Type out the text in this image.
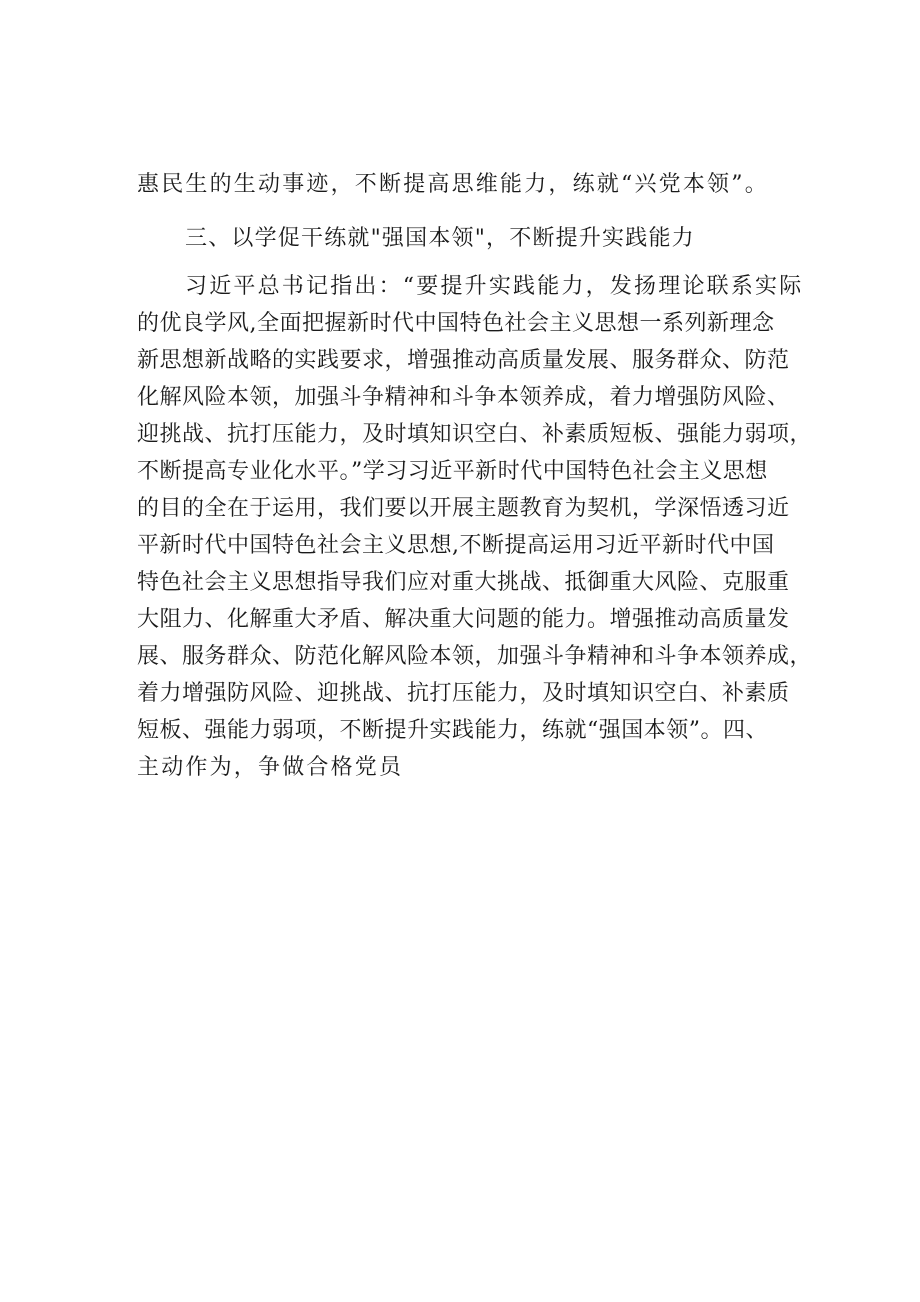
惠民生的生动事迹，不断提高思维能力，练就“兴党本领”。
三、以学促干练就"强国本领"，不断提升实践能力
习近平总书记指出：“要提升实践能力，发扬理论联系实际
的优良学风,全面把握新时代中国特色社会主义思想一系列新理念
新思想新战略的实践要求，增强推动高质量发展、服务群众、防范
化解风险本领，加强斗争精神和斗争本领养成，着力增强防风险、
迎挑战、抗打压能力，及时填知识空白、补素质短板、强能力弱项，
不断提高专业化水平。”学习习近平新时代中国特色社会主义思想
的目的全在于运用，我们要以开展主题教育为契机，学深悟透习近
平新时代中国特色社会主义思想,不断提高运用习近平新时代中国
特色社会主义思想指导我们应对重大挑战、抵御重大风险、克服重
大阻力、化解重大矛盾、解决重大问题的能力。增强推动高质量发
展、服务群众、防范化解风险本领，加强斗争精神和斗争本领养成，
着力增强防风险、迎挑战、抗打压能力，及时填知识空白、补素质
短板、强能力弱项，不断提升实践能力，练就“强国本领”。四、
主动作为，争做合格党员
